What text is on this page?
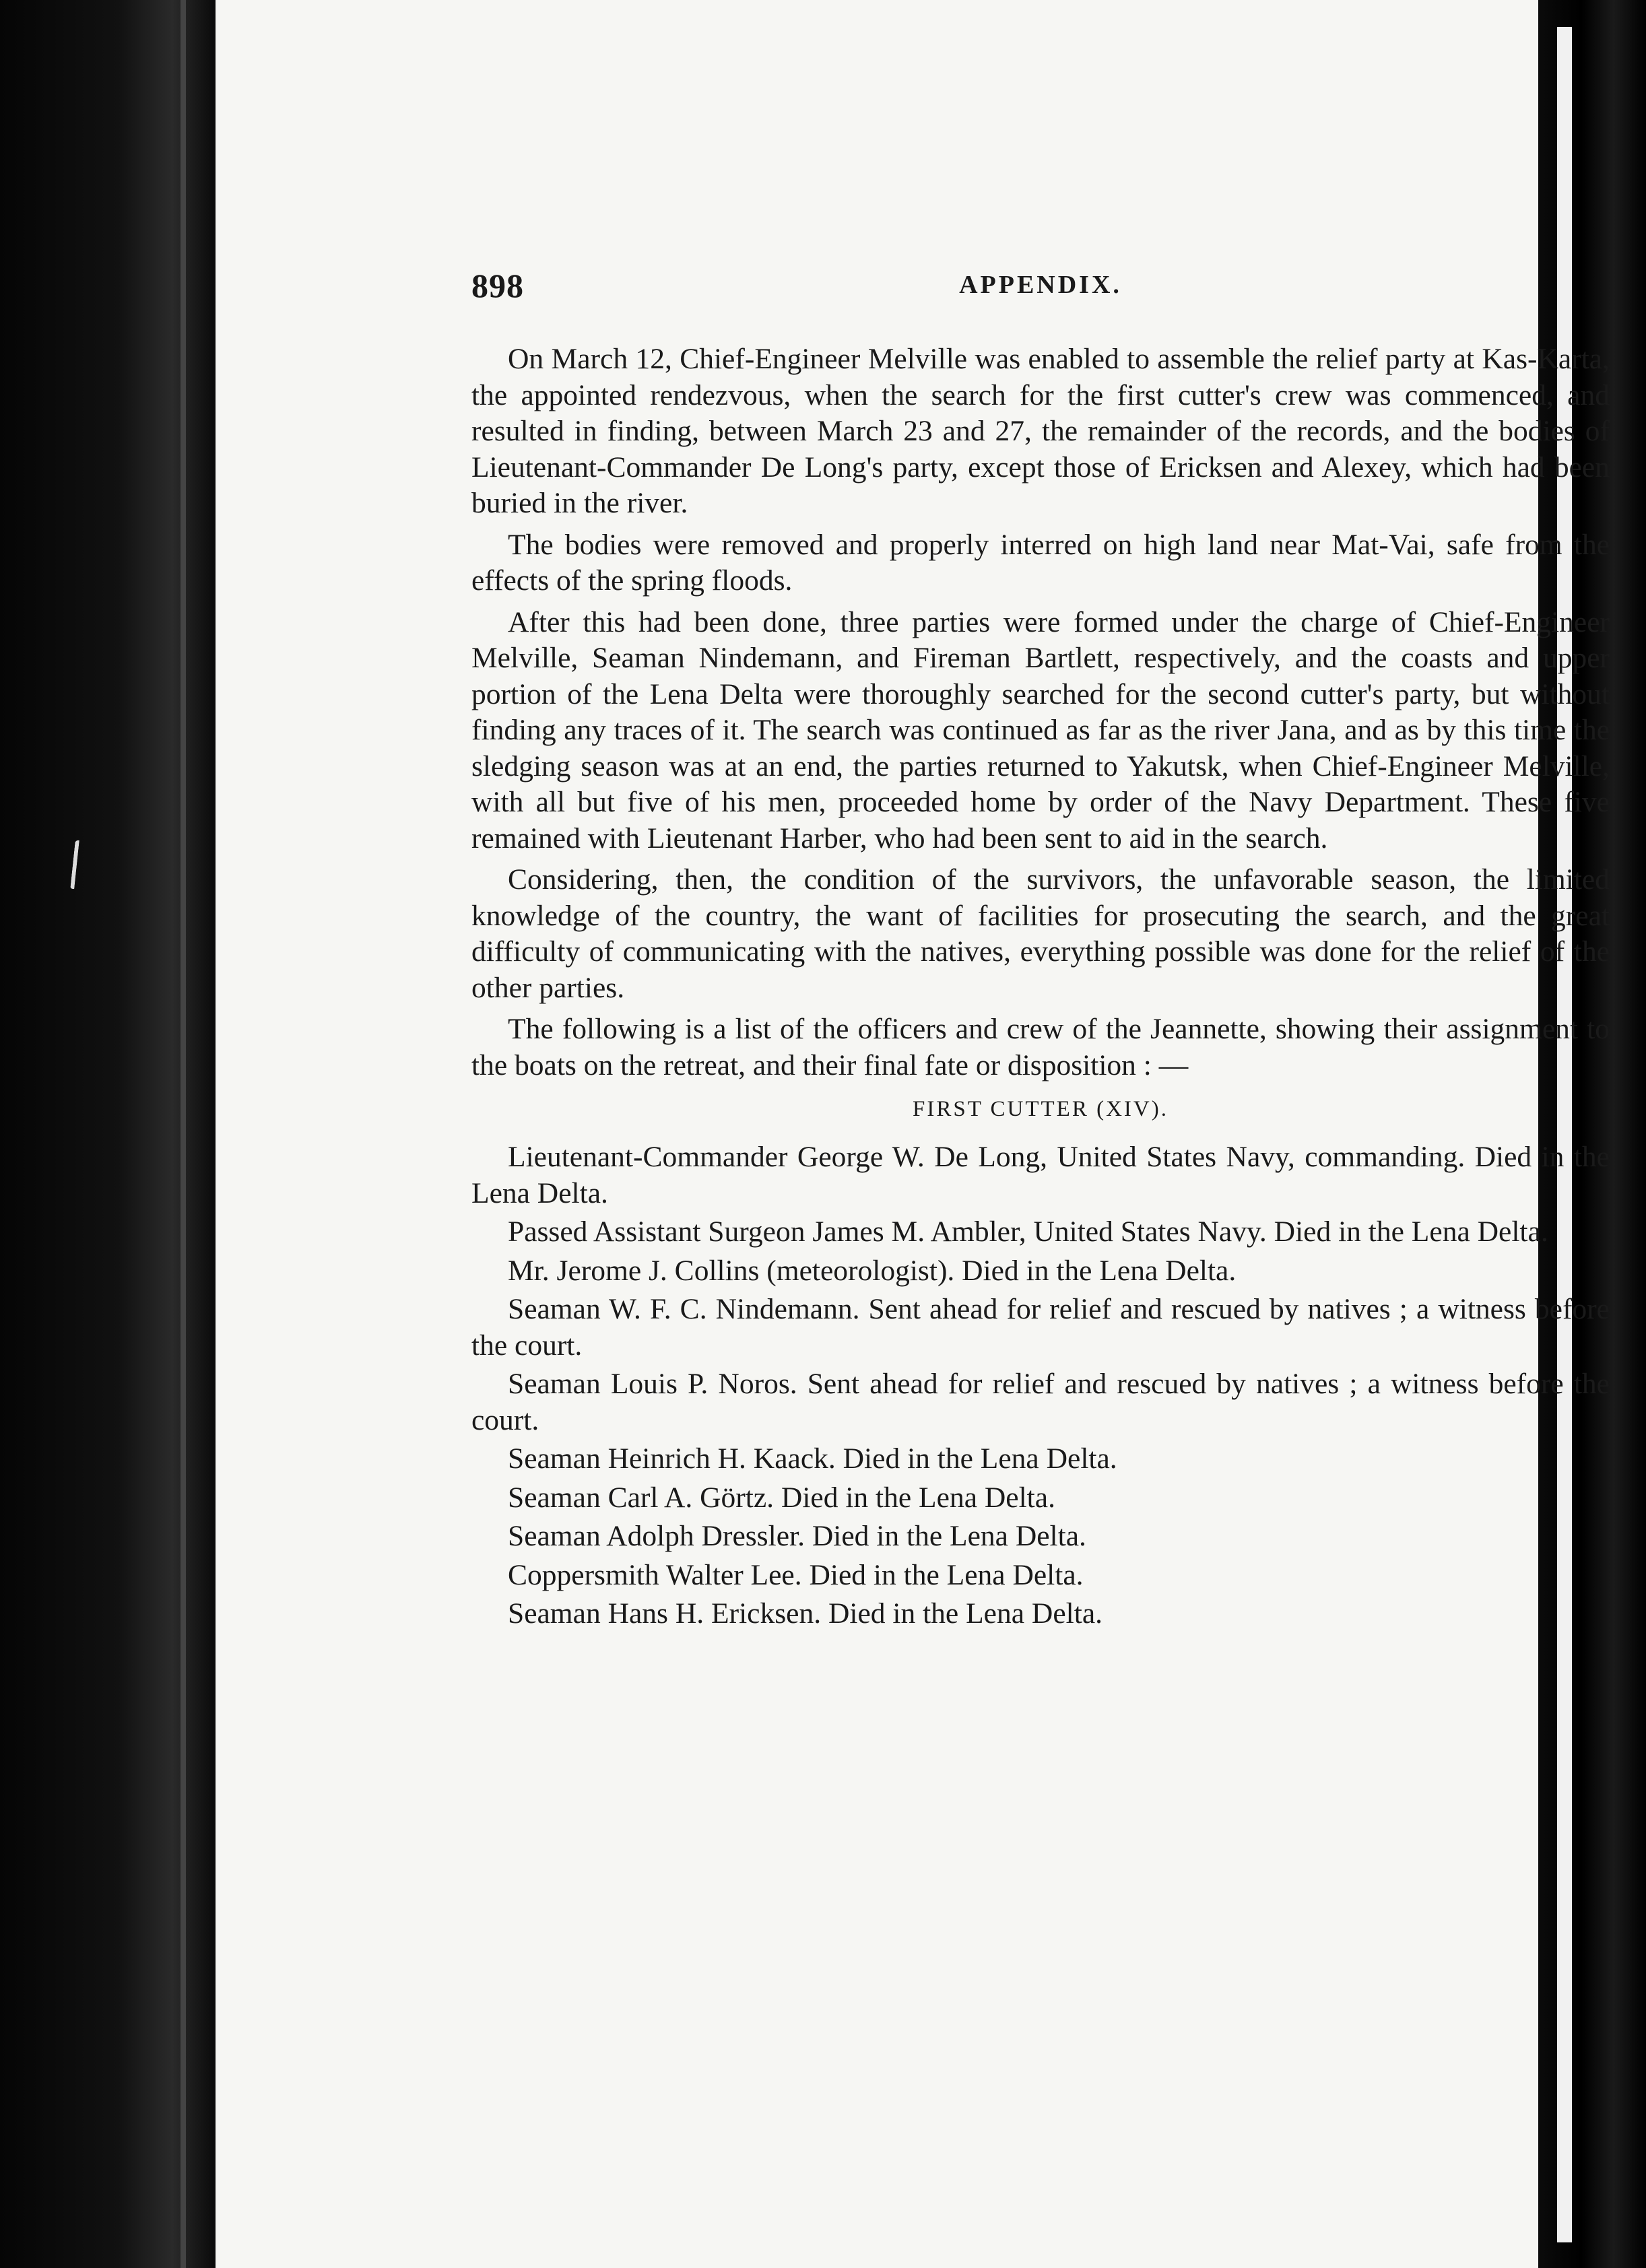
898	APPENDIX.

On March 12, Chief-Engineer Melville was enabled to assemble the relief party at Kas-Karta, the appointed rendezvous, when the search for the first cutter's crew was commenced, and resulted in finding, between March 23 and 27, the remainder of the records, and the bodies of Lieutenant-Commander De Long's party, except those of Ericksen and Alexey, which had been buried in the river.

The bodies were removed and properly interred on high land near Mat-Vai, safe from the effects of the spring floods.

After this had been done, three parties were formed under the charge of Chief-Engineer Melville, Seaman Nindemann, and Fireman Bartlett, respectively, and the coasts and upper portion of the Lena Delta were thoroughly searched for the second cutter's party, but without finding any traces of it. The search was continued as far as the river Jana, and as by this time the sledging season was at an end, the parties returned to Yakutsk, when Chief-Engineer Melville, with all but five of his men, proceeded home by order of the Navy Department. These five remained with Lieutenant Harber, who had been sent to aid in the search.

Considering, then, the condition of the survivors, the unfavorable season, the limited knowledge of the country, the want of facilities for prosecuting the search, and the great difficulty of communicating with the natives, everything possible was done for the relief of the other parties.

The following is a list of the officers and crew of the Jeannette, showing their assignment to the boats on the retreat, and their final fate or disposition : —

FIRST CUTTER (XIV).

Lieutenant-Commander George W. De Long, United States Navy, commanding. Died in the Lena Delta.

Passed Assistant Surgeon James M. Ambler, United States Navy. Died in the Lena Delta.

Mr. Jerome J. Collins (meteorologist). Died in the Lena Delta.

Seaman W. F. C. Nindemann. Sent ahead for relief and rescued by natives ; a witness before the court.

Seaman Louis P. Noros. Sent ahead for relief and rescued by natives ; a witness before the court.

Seaman Heinrich H. Kaack. Died in the Lena Delta.

Seaman Carl A. Görtz. Died in the Lena Delta.

Seaman Adolph Dressler. Died in the Lena Delta.

Coppersmith Walter Lee. Died in the Lena Delta.

Seaman Hans H. Ericksen. Died in the Lena Delta.
